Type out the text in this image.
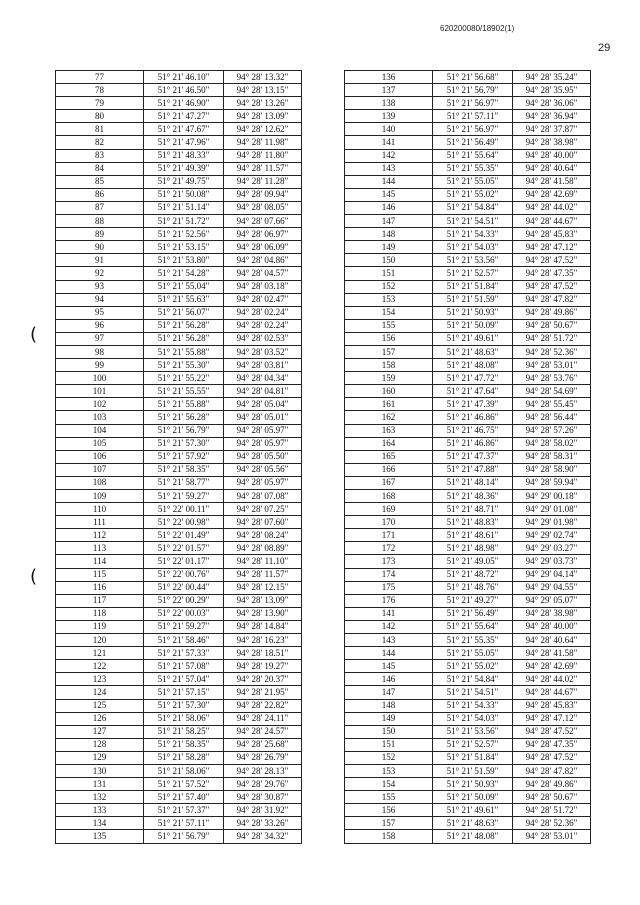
620200080/18902(1)
29
(
(
77	51° 21' 46.10"	94° 28' 13.32"
78	51° 21' 46.50"	94° 28' 13.15"
79	51° 21' 46.90"	94° 28' 13.26"
80	51° 21' 47.27"	94° 28' 13.09"
81	51° 21' 47.67"	94° 28' 12.62"
82	51° 21' 47.96"	94° 28' 11.98"
83	51° 21' 48.33"	94° 28' 11.80"
84	51° 21' 49.39"	94° 28' 11.57"
85	51° 21' 49.75"	94° 28' 11.28"
86	51° 21' 50.08"	94° 28' 09.94"
87	51° 21' 51.14"	94° 28' 08.05"
88	51° 21' 51.72"	94° 28' 07.66"
89	51° 21' 52.56"	94° 28' 06.97"
90	51° 21' 53.15"	94° 28' 06.09"
91	51° 21' 53.80"	94° 28' 04.86"
92	51° 21' 54.28"	94° 28' 04.57"
93	51° 21' 55.04"	94° 28' 03.18"
94	51° 21' 55.63"	94° 28' 02.47"
95	51° 21' 56.07"	94° 28' 02.24"
96	51° 21' 56.28"	94° 28' 02.24"
97	51° 21' 56.28"	94° 28' 02.53"
98	51° 21' 55.88"	94° 28' 03.52"
99	51° 21' 55.30"	94° 28' 03.81"
100	51° 21' 55.22"	94° 28' 04.34"
101	51° 21' 55.55"	94° 28' 04.81"
102	51° 21' 55.88"	94° 28' 05.04"
103	51° 21' 56.28"	94° 28' 05.01"
104	51° 21' 56.79"	94° 28' 05.97"
105	51° 21' 57.30"	94° 28' 05.97"
106	51° 21' 57.92"	94° 28' 05.50"
107	51° 21' 58.35"	94° 28' 05.56"
108	51° 21' 58.77"	94° 28' 05.97"
109	51° 21' 59.27"	94° 28' 07.08"
110	51° 22' 00.11"	94° 28' 07.25"
111	51° 22' 00.98"	94° 28' 07.60"
112	51° 22' 01.49"	94° 28' 08.24"
113	51° 22' 01.57"	94° 28' 08.89"
114	51° 22' 01.17"	94° 28' 11.10"
115	51° 22' 00.76"	94° 28' 11.57"
116	51° 22' 00.44"	94° 28' 12.15"
117	51° 22' 00.29"	94° 28' 13.09"
118	51° 22' 00.03"	94° 28' 13.90"
119	51° 21' 59.27"	94° 28' 14.84"
120	51° 21' 58.46"	94° 28' 16.23"
121	51° 21' 57.33"	94° 28' 18.51"
122	51° 21' 57.08"	94° 28' 19.27"
123	51° 21' 57.04"	94° 28' 20.37"
124	51° 21' 57.15"	94° 28' 21.95"
125	51° 21' 57.30"	94° 28' 22.82"
126	51° 21' 58.06"	94° 28' 24.11"
127	51° 21' 58.25"	94° 28' 24.57"
128	51° 21' 58.35"	94° 28' 25.68"
129	51° 21' 58.28"	94° 28' 26.79"
130	51° 21' 58.06"	94° 28' 28.13"
131	51° 21' 57.52"	94° 28' 29.76"
132	51° 21' 57.40"	94° 28' 30.87"
133	51° 21' 57.37"	94° 28' 31.92"
134	51° 21' 57.11"	94° 28' 33.26"
135	51° 21' 56.79"	94° 28' 34.32"
136	51° 21' 56.68"	94° 28' 35.24"
137	51° 21' 56.79"	94° 28' 35.95"
138	51° 21' 56.97"	94° 28' 36.06"
139	51° 21' 57.11"	94° 28' 36.94"
140	51° 21' 56.97"	94° 28' 37.87"
141	51° 21' 56.49"	94° 28' 38.98"
142	51° 21' 55.64"	94° 28' 40.00"
143	51° 21' 55.35"	94° 28' 40.64"
144	51° 21' 55.05"	94° 28' 41.58"
145	51° 21' 55.02"	94° 28' 42.69"
146	51° 21' 54.84"	94° 28' 44.02"
147	51° 21' 54.51"	94° 28' 44.67"
148	51° 21' 54.33"	94° 28' 45.83"
149	51° 21' 54.03"	94° 28' 47.12"
150	51° 21' 53.56"	94° 28' 47.52"
151	51° 21' 52.57"	94° 28' 47.35"
152	51° 21' 51.84"	94° 28' 47.52"
153	51° 21' 51.59"	94° 28' 47.82"
154	51° 21' 50.93"	94° 28' 49.86"
155	51° 21' 50.09"	94° 28' 50.67"
156	51° 21' 49.61"	94° 28' 51.72"
157	51° 21' 48.63"	94° 28' 52.36"
158	51° 21' 48.08"	94° 28' 53.01"
159	51° 21' 47.72"	94° 28' 53.76"
160	51° 21' 47.64"	94° 28' 54.69"
161	51° 21' 47.39"	94° 28' 55.45"
162	51° 21' 46.86"	94° 28' 56.44"
163	51° 21' 46.75"	94° 28' 57.26"
164	51° 21' 46.86"	94° 28' 58.02"
165	51° 21' 47.37"	94° 28' 58.31"
166	51° 21' 47.88"	94° 28' 58.90"
167	51° 21' 48.14"	94° 28' 59.94"
168	51° 21' 48.36"	94° 29' 00.18"
169	51° 21' 48.71"	94° 29' 01.08"
170	51° 21' 48.83"	94° 29' 01.98"
171	51° 21' 48.61"	94° 29' 02.74"
172	51° 21' 48.98"	94° 29' 03.27"
173	51° 21' 49.05"	94° 29' 03.73"
174	51° 21' 48.72"	94° 29' 04.14"
175	51° 21' 48.76"	94° 29' 04.55"
176	51° 21' 49.27"	94° 29' 05.07"
141	51° 21' 56.49"	94° 28' 38.98"
142	51° 21' 55.64"	94° 28' 40.00"
143	51° 21' 55.35"	94° 28' 40.64"
144	51° 21' 55.05"	94° 28' 41.58"
145	51° 21' 55.02"	94° 28' 42.69"
146	51° 21' 54.84"	94° 28' 44.02"
147	51° 21' 54.51"	94° 28' 44.67"
148	51° 21' 54.33"	94° 28' 45.83"
149	51° 21' 54.03"	94° 28' 47.12"
150	51° 21' 53.56"	94° 28' 47.52"
151	51° 21' 52.57"	94° 28' 47.35"
152	51° 21' 51.84"	94° 28' 47.52"
153	51° 21' 51.59"	94° 28' 47.82"
154	51° 21' 50.93"	94° 28' 49.86"
155	51° 21' 50.09"	94° 28' 50.67"
156	51° 21' 49.61"	94° 28' 51.72"
157	51° 21' 48.63"	94° 28' 52.36"
158	51° 21' 48.08"	94° 28' 53.01"
